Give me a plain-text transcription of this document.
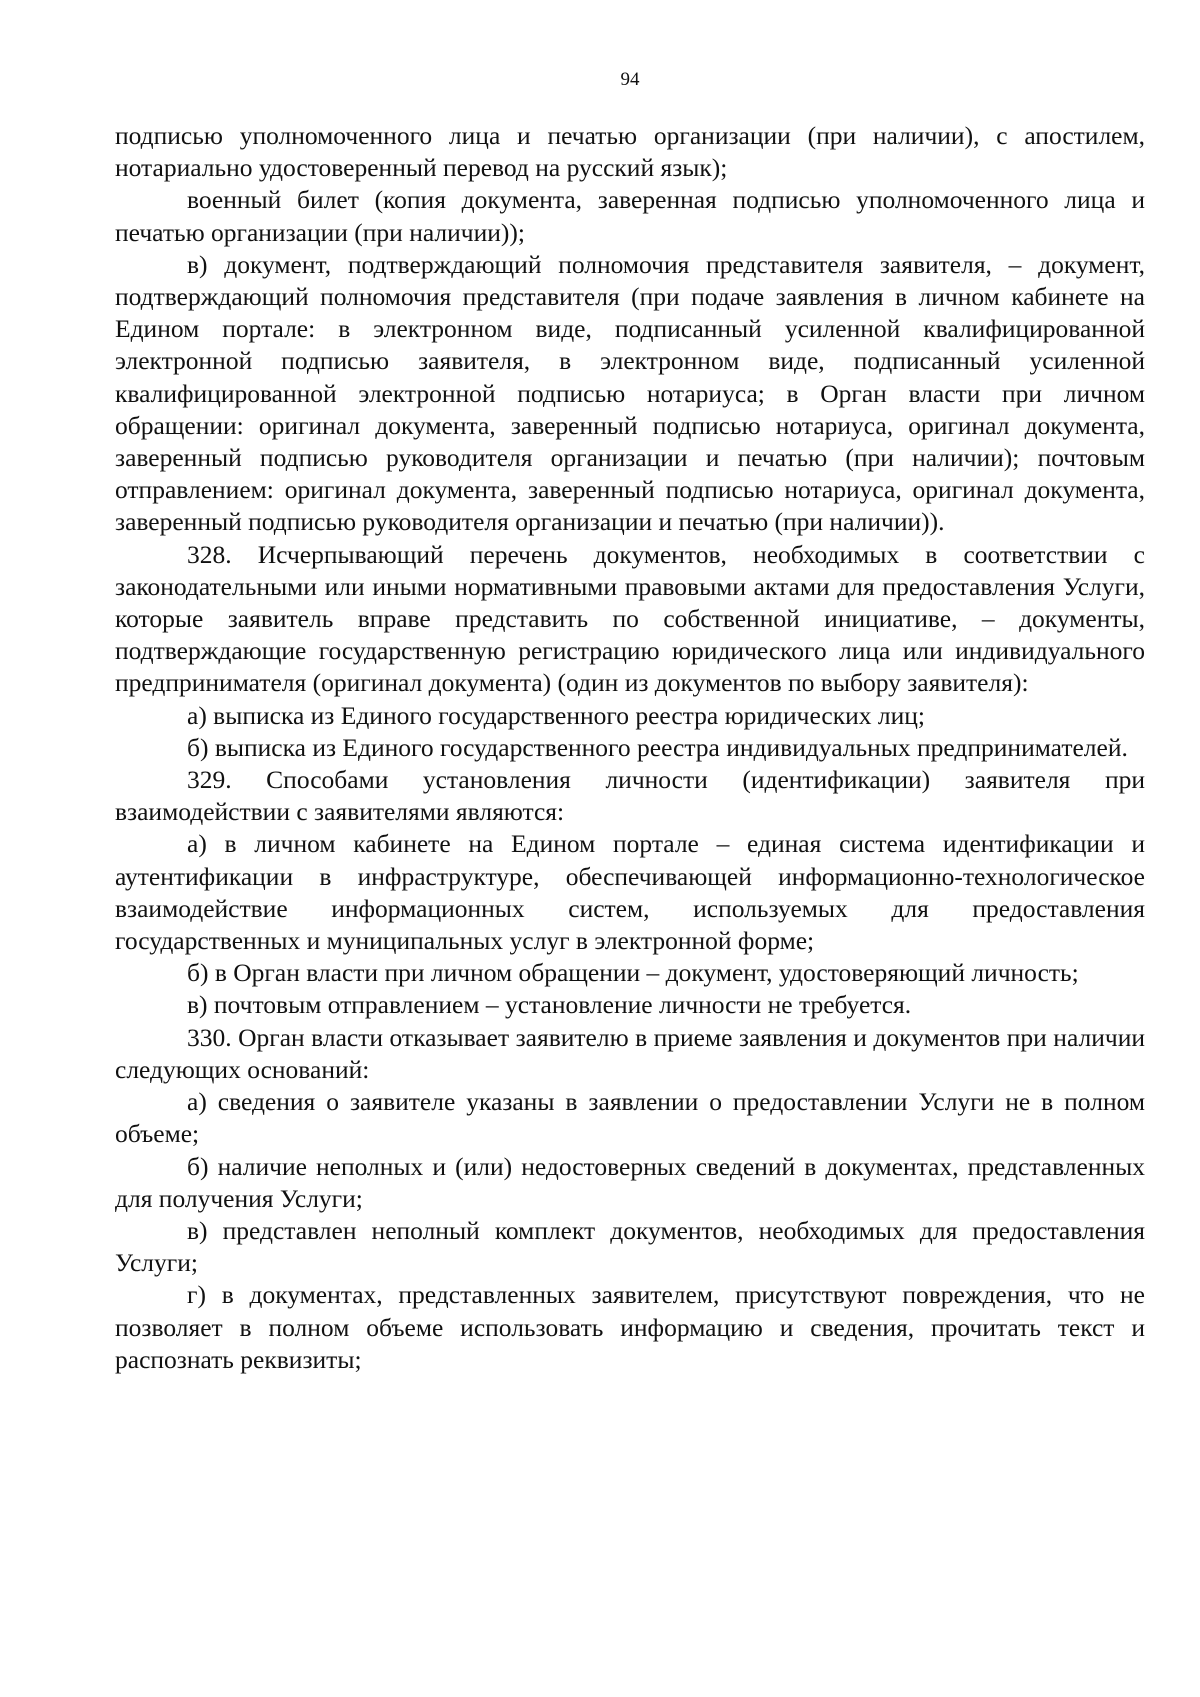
94

подписью уполномоченного лица и печатью организации (при наличии), с апостилем, нотариально удостоверенный перевод на русский язык);

военный билет (копия документа, заверенная подписью уполномоченного лица и печатью организации (при наличии));

в) документ, подтверждающий полномочия представителя заявителя, – документ, подтверждающий полномочия представителя (при подаче заявления в личном кабинете на Едином портале: в электронном виде, подписанный усиленной квалифицированной электронной подписью заявителя, в электронном виде, подписанный усиленной квалифицированной электронной подписью нотариуса; в Орган власти при личном обращении: оригинал документа, заверенный подписью нотариуса, оригинал документа, заверенный подписью руководителя организации и печатью (при наличии); почтовым отправлением: оригинал документа, заверенный подписью нотариуса, оригинал документа, заверенный подписью руководителя организации и печатью (при наличии)).

328. Исчерпывающий перечень документов, необходимых в соответствии с законодательными или иными нормативными правовыми актами для предоставления Услуги, которые заявитель вправе представить по собственной инициативе, – документы, подтверждающие государственную регистрацию юридического лица или индивидуального предпринимателя (оригинал документа) (один из документов по выбору заявителя):

а) выписка из Единого государственного реестра юридических лиц;

б) выписка из Единого государственного реестра индивидуальных предпринимателей.

329. Способами установления личности (идентификации) заявителя при взаимодействии с заявителями являются:

а) в личном кабинете на Едином портале – единая система идентификации и аутентификации в инфраструктуре, обеспечивающей информационно-технологическое взаимодействие информационных систем, используемых для предоставления государственных и муниципальных услуг в электронной форме;

б) в Орган власти при личном обращении – документ, удостоверяющий личность;

в) почтовым отправлением – установление личности не требуется.

330. Орган власти отказывает заявителю в приеме заявления и документов при наличии следующих оснований:

а) сведения о заявителе указаны в заявлении о предоставлении Услуги не в полном объеме;

б) наличие неполных и (или) недостоверных сведений в документах, представленных для получения Услуги;

в) представлен неполный комплект документов, необходимых для предоставления Услуги;

г) в документах, представленных заявителем, присутствуют повреждения, что не позволяет в полном объеме использовать информацию и сведения, прочитать текст и распознать реквизиты;
